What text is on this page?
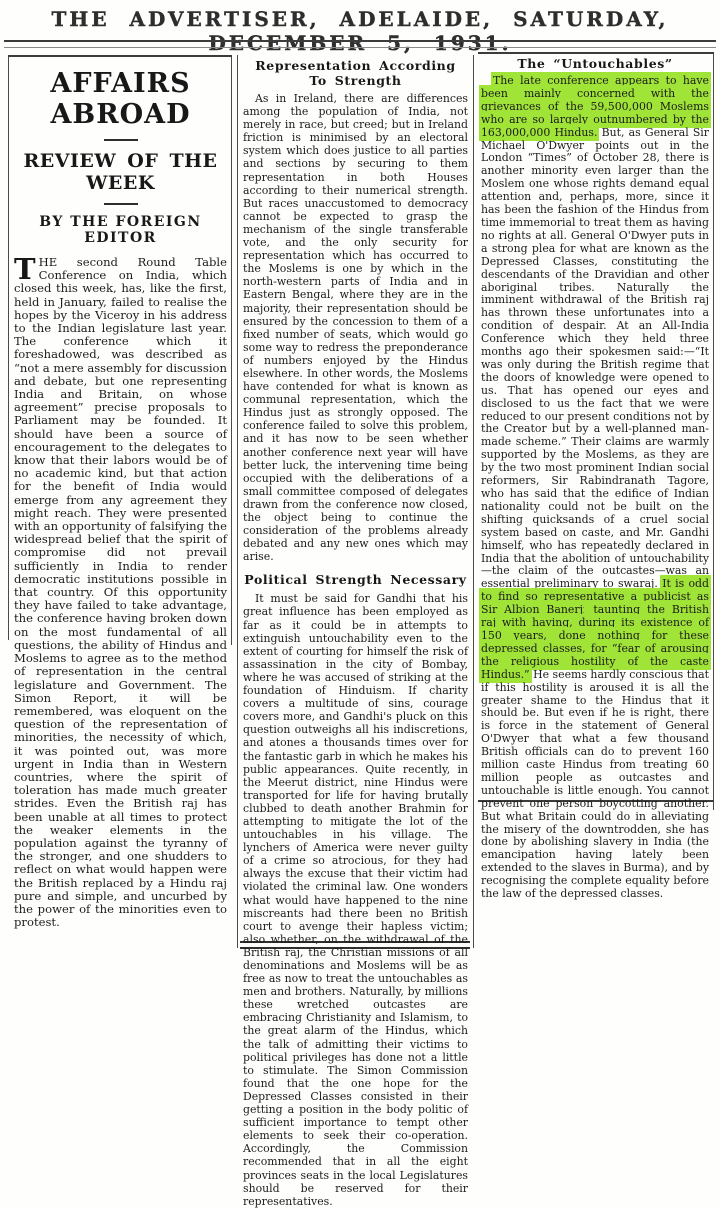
THE ADVERTISER, ADELAIDE, SATURDAY, DECEMBER 5, 1931.
AFFAIRS ABROAD
REVIEW OF THE WEEK
BY THE FOREIGN EDITOR

THE second Round Table Conference on India, which closed this week, has, like the first, held in January, failed to realise the hopes by the Viceroy in his address to the Indian legislature last year. The conference which it foreshadowed, was described as “not a mere assembly for discussion and debate, but one representing India and Britain, on whose agreement” precise proposals to Parliament may be founded. It should have been a source of encouragement to the delegates to know that their labors would be of no academic kind, but that action for the benefit of India would emerge from any agreement they might reach. They were presented with an opportunity of falsifying the widespread belief that the spirit of compromise did not prevail sufficiently in India to render democratic institutions possible in that country. Of this opportunity they have failed to take advantage, the conference having broken down on the most fundamental of all questions, the ability of Hindus and Moslems to agree as to the method of representation in the central legislature and Government. The Simon Report, it will be remembered, was eloquent on the question of the representation of minorities, the necessity of which, it was pointed out, was more urgent in India than in Western countries, where the spirit of toleration has made much greater strides. Even the British raj has been unable at all times to protect the weaker elements in the population against the tyranny of the stronger, and one shudders to reflect on what would happen were the British replaced by a Hindu raj pure and simple, and uncurbed by the power of the minorities even to protest.

Representation According To Strength

As in Ireland, there are differences among the population of India, not merely in race, but creed; but in Ireland friction is minimised by an electoral system which does justice to all parties and sections by securing to them representation in both Houses according to their numerical strength. But races unaccustomed to democracy cannot be expected to grasp the mechanism of the single transferable vote, and the only security for representation which has occurred to the Moslems is one by which in the north-western parts of India and in Eastern Bengal, where they are in the majority, their representation should be ensured by the concession to them of a fixed number of seats, which would go some way to redress the preponderance of numbers enjoyed by the Hindus elsewhere. In other words, the Moslems have contended for what is known as communal representation, which the Hindus just as strongly opposed. The conference failed to solve this problem, and it has now to be seen whether another conference next year will have better luck, the intervening time being occupied with the deliberations of a small committee composed of delegates drawn from the conference now closed, the object being to continue the consideration of the problems already debated and any new ones which may arise.

Political Strength Necessary

It must be said for Gandhi that his great influence has been employed as far as it could be in attempts to extinguish untouchability even to the extent of courting for himself the risk of assassination in the city of Bombay, where he was accused of striking at the foundation of Hinduism. If charity covers a multitude of sins, courage covers more, and Gandhi's pluck on this question outweighs all his indiscretions, and atones a thousands times over for the fantastic garb in which he makes his public appearances. Quite recently, in the Meerut district, nine Hindus were transported for life for having brutally clubbed to death another Brahmin for attempting to mitigate the lot of the untouchables in his village. The lynchers of America were never guilty of a crime so atrocious, for they had always the excuse that their victim had violated the criminal law. One wonders what would have happened to the nine miscreants had there been no British court to avenge their hapless victim; also whether, on the withdrawal of the British raj, the Christian missions of all denominations and Moslems will be as free as now to treat the untouchables as men and brothers. Naturally, by millions these wretched outcastes are embracing Christianity and Islamism, to the great alarm of the Hindus, which the talk of admitting their victims to political privileges has done not a little to stimulate. The Simon Commission found that the one hope for the Depressed Classes consisted in their getting a position in the body politic of sufficient importance to tempt other elements to seek their co-operation. Accordingly, the Commission recommended that in all the eight provinces seats in the local Legislatures should be reserved for their representatives.

The “Untouchables”

The late conference appears to have been mainly concerned with the grievances of the 59,500,000 Moslems who are so largely outnumbered by the 163,000,000 Hindus. But, as General Sir Michael O'Dwyer points out in the London “Times” of October 28, there is another minority even larger than the Moslem one whose rights demand equal attention and, perhaps, more, since it has been the fashion of the Hindus from time immemorial to treat them as having no rights at all. General O'Dwyer puts in a strong plea for what are known as the Depressed Classes, constituting the descendants of the Dravidian and other aboriginal tribes. Naturally the imminent withdrawal of the British raj has thrown these unfortunates into a condition of despair. At an All-India Conference which they held three months ago their spokesmen said:—“It was only during the British regime that the doors of knowledge were opened to us. That has opened our eyes and disclosed to us the fact that we were reduced to our present conditions not by the Creator but by a well-planned man-made scheme.” Their claims are warmly supported by the Moslems, as they are by the two most prominent Indian social reformers, Sir Rabindranath Tagore, who has said that the edifice of Indian nationality could not be built on the shifting quicksands of a cruel social system based on caste, and Mr. Gandhi himself, who has repeatedly declared in India that the abolition of untouchability—the claim of the outcastes—was an essential preliminary to swaraj. It is odd to find so representative a publicist as Sir Albion Banerji taunting the British raj with having, during its existence of 150 years, done nothing for these depressed classes, for “fear of arousing the religious hostility of the caste Hindus.” He seems hardly conscious that if this hostility is aroused it is all the greater shame to the Hindus that it should be. But even if he is right, there is force in the statement of General O'Dwyer that what a few thousand British officials can do to prevent 160 million caste Hindus from treating 60 million people as outcastes and untouchable is little enough. You cannot prevent one person boycotting another. But what Britain could do in alleviating the misery of the downtrodden, she has done by abolishing slavery in India (the emancipation having lately been extended to the slaves in Burma), and by recognising the complete equality before the law of the depressed classes.
